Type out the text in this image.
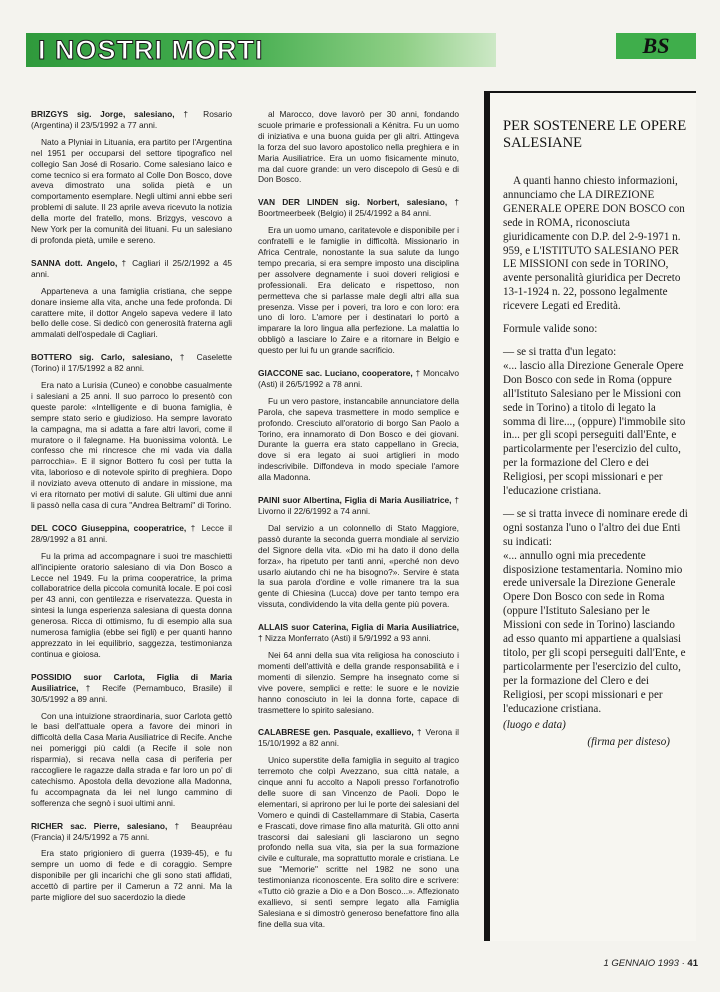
I NOSTRI MORTI	BS
BRIZGYS sig. Jorge, salesiano, † Rosario (Argentina) il 23/5/1992 a 77 anni.

Nato a Plyniai in Lituania, era partito per l'Argentina nel 1951 per occuparsi del settore tipografico nel collegio San José di Rosario. Come salesiano laico e come tecnico si era formato al Colle Don Bosco, dove aveva dimostrato una solida pietà e un comportamento esemplare. Negli ultimi anni ebbe seri problemi di salute. Il 23 aprile aveva ricevuto la notizia della morte del fratello, mons. Brizgys, vescovo a New York per la comunità dei lituani. Fu un salesiano di profonda pietà, umile e sereno.

SANNA dott. Angelo, † Cagliari il 25/2/1992 a 45 anni.

Apparteneva a una famiglia cristiana, che seppe donare insieme alla vita, anche una fede profonda. Di carattere mite, il dottor Angelo sapeva vedere il lato bello delle cose. Si dedicò con generosità fraterna agli ammalati dell'ospedale di Cagliari.

BOTTERO sig. Carlo, salesiano, † Caselette (Torino) il 17/5/1992 a 82 anni.

Era nato a Lurisia (Cuneo) e conobbe casualmente i salesiani a 25 anni. Il suo parroco lo presentò con queste parole: «Intelligente e di buona famiglia, è sempre stato serio e giudizioso. Ha sempre lavorato la campagna, ma si adatta a fare altri lavori, come il muratore o il falegname. Ha buonissima volontà. Le confesso che mi rincresce che mi vada via dalla parrocchia». E il signor Bottero fu così per tutta la vita, laborioso e di notevole spirito di preghiera. Dopo il noviziato aveva ottenuto di andare in missione, ma vi era ritornato per motivi di salute. Gli ultimi due anni li passò nella casa di cura "Andrea Beltrami" di Torino.

DEL COCO Giuseppina, cooperatrice, † Lecce il 28/9/1992 a 81 anni.

Fu la prima ad accompagnare i suoi tre maschietti all'incipiente oratorio salesiano di via Don Bosco a Lecce nel 1949. Fu la prima cooperatrice, la prima collaboratrice della piccola comunità locale. E poi così per 43 anni, con gentilezza e riservatezza. Questa in sintesi la lunga esperienza salesiana di questa donna generosa. Ricca di ottimismo, fu di esempio alla sua numerosa famiglia (ebbe sei figli) e per quanti hanno apprezzato in lei equilibrio, saggezza, testimonianza continua e gioiosa.

POSSIDIO suor Carlota, Figlia di Maria Ausiliatrice, † Recife (Pernambuco, Brasile) il 30/5/1992 a 89 anni.

Con una intuizione straordinaria, suor Carlota gettò le basi dell'attuale opera a favore dei minori in difficoltà della Casa Maria Ausiliatrice di Recife. Anche nei pomeriggi più caldi (a Recife il sole non risparmia), si recava nella casa di periferia per raccogliere le ragazze dalla strada e far loro un po' di catechismo. Apostola della devozione alla Madonna, fu accompagnata da lei nel lungo cammino di sofferenza che segnò i suoi ultimi anni.

RICHER sac. Pierre, salesiano, † Beaupréau (Francia) il 24/5/1992 a 75 anni.

Era stato prigioniero di guerra (1939-45), e fu sempre un uomo di fede e di coraggio. Sempre disponibile per gli incarichi che gli sono stati affidati, accettò di partire per il Camerun a 72 anni. Ma la parte migliore del suo sacerdozio la diede

al Marocco, dove lavorò per 30 anni, fondando scuole primarie e professionali a Kénitra. Fu un uomo di iniziativa e una buona guida per gli altri. Attingeva la forza del suo lavoro apostolico nella preghiera e in Maria Ausiliatrice. Era un uomo fisicamente minuto, ma dal cuore grande: un vero discepolo di Gesù e di Don Bosco.

VAN DER LINDEN sig. Norbert, salesiano, † Boortmeerbeek (Belgio) il 25/4/1992 a 84 anni.

Era un uomo umano, caritatevole e disponibile per i confratelli e le famiglie in difficoltà. Missionario in Africa Centrale, nonostante la sua salute da lungo tempo precaria, si era sempre imposto una disciplina per assolvere degnamente i suoi doveri religiosi e professionali. Era delicato e rispettoso, non permetteva che si parlasse male degli altri alla sua presenza. Visse per i poveri, tra loro e con loro: era uno di loro. L'amore per i destinatari lo portò a imparare la loro lingua alla perfezione. La malattia lo obbligò a lasciare lo Zaire e a ritornare in Belgio e questo per lui fu un grande sacrificio.

GIACCONE sac. Luciano, cooperatore, † Moncalvo (Asti) il 26/5/1992 a 78 anni.

Fu un vero pastore, instancabile annunciatore della Parola, che sapeva trasmettere in modo semplice e profondo. Cresciuto all'oratorio di borgo San Paolo a Torino, era innamorato di Don Bosco e dei giovani. Durante la guerra era stato cappellano in Grecia, dove si era legato ai suoi artiglieri in modo indescrivibile. Diffondeva in modo speciale l'amore alla Madonna.

PAINI suor Albertina, Figlia di Maria Ausiliatrice, † Livorno il 22/6/1992 a 74 anni.

Dal servizio a un colonnello di Stato Maggiore, passò durante la seconda guerra mondiale al servizio del Signore della vita. «Dio mi ha dato il dono della forza», ha ripetuto per tanti anni, «perché non devo usarlo aiutando chi ne ha bisogno?». Servire è stata la sua parola d'ordine e volle rimanere tra la sua gente di Chiesina (Lucca) dove per tanto tempo era vissuta, condividendo la vita della gente più povera.

ALLAIS suor Caterina, Figlia di Maria Ausiliatrice, † Nizza Monferrato (Asti) il 5/9/1992 a 93 anni.

Nei 64 anni della sua vita religiosa ha conosciuto i momenti dell'attività e della grande responsabilità e i momenti di silenzio. Sempre ha insegnato come si vive povere, semplici e rette: le suore e le novizie hanno conosciuto in lei la donna forte, capace di trasmettere lo spirito salesiano.

CALABRESE gen. Pasquale, exallievo, † Verona il 15/10/1992 a 82 anni.

Unico superstite della famiglia in seguito al tragico terremoto che colpì Avezzano, sua città natale, a cinque anni fu accolto a Napoli presso l'orfanotrofio delle suore di san Vincenzo de Paoli. Dopo le elementari, si aprirono per lui le porte dei salesiani del Vomero e quindi di Castellammare di Stabia, Caserta e Frascati, dove rimase fino alla maturità. Gli otto anni trascorsi dai salesiani gli lasciarono un segno profondo nella sua vita, sia per la sua formazione civile e culturale, ma soprattutto morale e cristiana. Le sue "Memorie" scritte nel 1982 ne sono una testimonianza riconoscente. Era solito dire e scrivere: «Tutto ciò grazie a Dio e a Don Bosco...». Affezionato exallievo, si sentì sempre legato alla Famiglia Salesiana e si dimostrò generoso benefattore fino alla fine della sua vita.

PER SOSTENERE LE OPERE SALESIANE

A quanti hanno chiesto informazioni, annunciamo che LA DIREZIONE GENERALE OPERE DON BOSCO con sede in ROMA, riconosciuta giuridicamente con D.P. del 2-9-1971 n. 959, e L'ISTITUTO SALESIANO PER LE MISSIONI con sede in TORINO, avente personalità giuridica per Decreto 13-1-1924 n. 22, possono legalmente ricevere Legati ed Eredità.

Formule valide sono:

— se si tratta d'un legato:

«... lascio alla Direzione Generale Opere Don Bosco con sede in Roma (oppure all'Istituto Salesiano per le Missioni con sede in Torino) a titolo di legato la somma di lire..., (oppure) l'immobile sito in... per gli scopi perseguiti dall'Ente, e particolarmente per l'esercizio del culto, per la formazione del Clero e dei Religiosi, per scopi missionari e per l'educazione cristiana.

— se si tratta invece di nominare erede di ogni sostanza l'uno o l'altro dei due Enti su indicati:

«... annullo ogni mia precedente disposizione testamentaria. Nomino mio erede universale la Direzione Generale Opere Don Bosco con sede in Roma (oppure l'Istituto Salesiano per le Missioni con sede in Torino) lasciando ad esso quanto mi appartiene a qualsiasi titolo, per gli scopi perseguiti dall'Ente, e particolarmente per l'esercizio del culto, per la formazione del Clero e dei Religiosi, per scopi missionari e per l'educazione cristiana.

(luogo e data)

(firma per disteso)

1 GENNAIO 1993 · 41
